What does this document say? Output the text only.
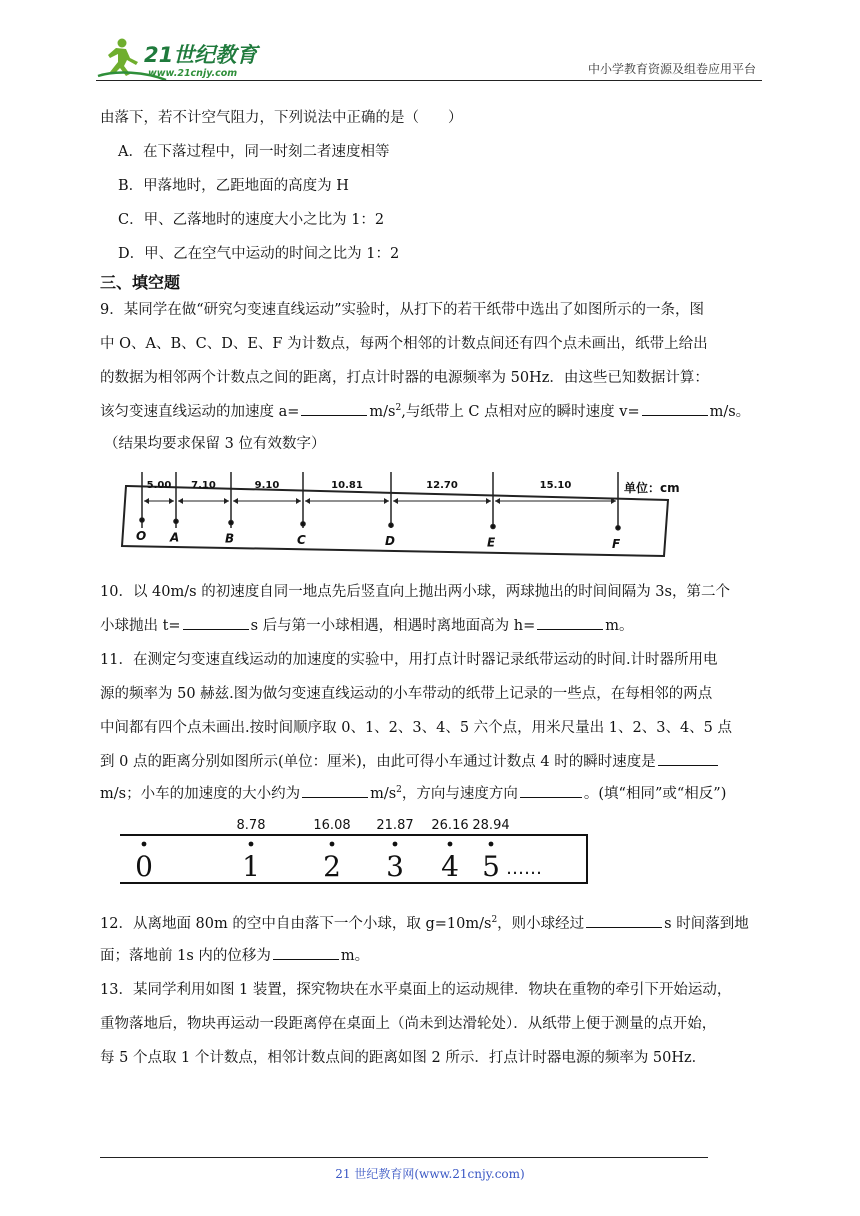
21世纪教育
www.21cnjy.com	中小学教育资源及组卷应用平台
由落下，若不计空气阻力，下列说法中正确的是（　　）
A．在下落过程中，同一时刻二者速度相等
B．甲落地时，乙距地面的高度为 H
C．甲、乙落地时的速度大小之比为 1：2
D．甲、乙在空气中运动的时间之比为 1：2
三、填空题
9．某同学在做“研究匀变速直线运动”实验时，从打下的若干纸带中选出了如图所示的一条，图
中 O、A、B、C、D、E、F 为计数点，每两个相邻的计数点间还有四个点未画出，纸带上给出
的数据为相邻两个计数点之间的距离，打点计时器的电源频率为 50Hz．由这些已知数据计算：
该匀变速直线运动的加速度 a=	$m/s^2$,与纸带上 C 点相对应的瞬时速度 v=	m/s。
（结果均要求保留 3 位有效数字）
O A	B	C	D	E	F
5.00 7.10	9.10	10.81	12.70	15.10	单位：cm
10．以 40m/s 的初速度自同一地点先后竖直向上抛出两小球，两球抛出的时间间隔为 3s，第二个
小球抛出 t=	s 后与第一小球相遇，相遇时离地面高为 h=	m。
11．在测定匀变速直线运动的加速度的实验中，用打点计时器记录纸带运动的时间.计时器所用电
源的频率为 50 赫兹.图为做匀变速直线运动的小车带动的纸带上记录的一些点，在每相邻的两点
中间都有四个点未画出.按时间顺序取 0、1、2、3、4、5 六个点，用米尺量出 1、2、3、4、5 点
到 0 点的距离分别如图所示(单位：厘米)，由此可得小车通过计数点 4 时的瞬时速度是
m/s；小车的加速度的大小约为	$m/s^2$，方向与速度方向	。(填“相同”或“相反”)
0	1
8.78
2
16.08
3
21.87
4
26.16
5
28.94
……
12．从离地面 80m 的空中自由落下一个小球，取 $g=10m/s^2$，则小球经过	s 时间落到地
面；落地前 1s 内的位移为	m。
13．某同学利用如图 1 装置，探究物块在水平桌面上的运动规律．物块在重物的牵引下开始运动，
重物落地后，物块再运动一段距离停在桌面上（尚未到达滑轮处）．从纸带上便于测量的点开始，
每 5 个点取 1 个计数点，相邻计数点间的距离如图 2 所示．打点计时器电源的频率为 50Hz．
21 世纪教育网(www.21cnjy.com)
